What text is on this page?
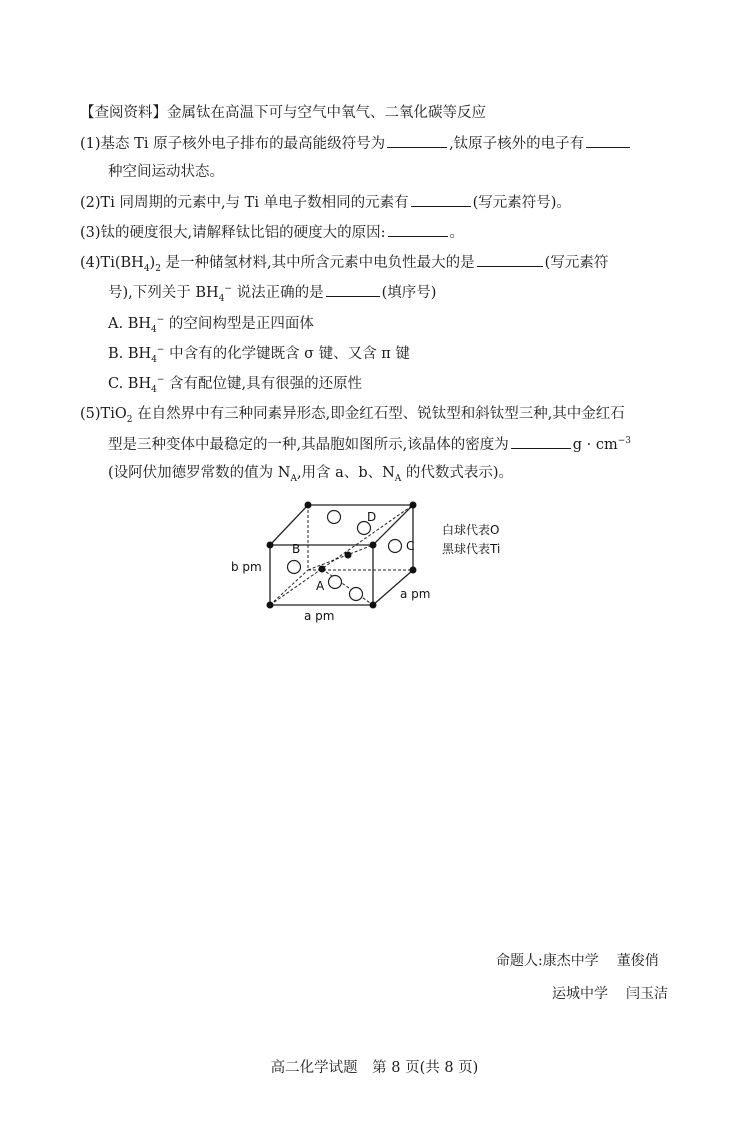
【查阅资料】金属钛在高温下可与空气中氧气、二氧化碳等反应
(1)基态 Ti 原子核外电子排布的最高能级符号为	,钛原子核外的电子有
种空间运动状态。
(2)Ti 同周期的元素中,与 Ti 单电子数相同的元素有	(写元素符号)。
(3)钛的硬度很大,请解释钛比铝的硬度大的原因:	。
$(4)Ti(BH_4)_2$ 是一种储氢材料,其中所含元素中电负性最大的是	(写元素符
号),下列关于 $BH_4^-$ 说法正确的是	(填序号)
A. $BH_4^-$ 的空间构型是正四面体
B. $BH_4^-$ 中含有的化学键既含 σ 键、又含 π 键
C. $BH_4^-$ 含有配位键,具有很强的还原性
(5)TiO$_2$ 在自然界中有三种同素异形态,即金红石型、锐钛型和斜钛型三种,其中金红石
型是三种变体中最稳定的一种,其晶胞如图所示,该晶体的密度为	$g \cdot cm^{-3}$
(设阿伏加德罗常数的值为 $N_A$,用含 a、b、$N_A$ 的代数式表示)。
b pm
a pm
a pm
A
B	C
D
白球代表O
黑球代表Ti
命题人:康杰中学 董俊俏
运城中学 闫玉洁
高二化学试题　第 8 页(共 8 页)
